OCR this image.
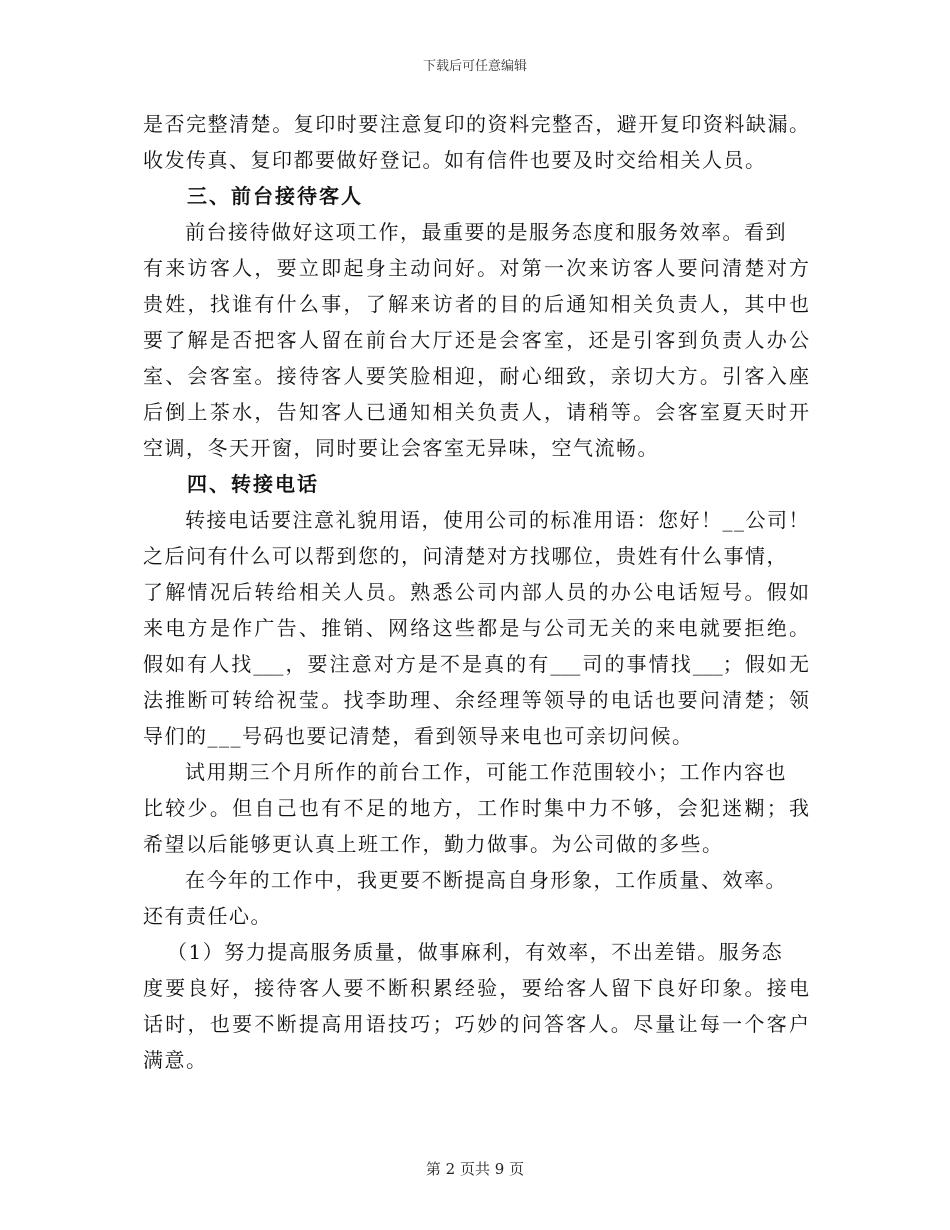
下载后可任意编辑
是否完整清楚。复印时要注意复印的资料完整否，避开复印资料缺漏。
收发传真、复印都要做好登记。如有信件也要及时交给相关人员。
三、前台接待客人
前台接待做好这项工作，最重要的是服务态度和服务效率。看到
有来访客人，要立即起身主动问好。对第一次来访客人要问清楚对方
贵姓，找谁有什么事，了解来访者的目的后通知相关负责人，其中也
要了解是否把客人留在前台大厅还是会客室，还是引客到负责人办公
室、会客室。接待客人要笑脸相迎，耐心细致，亲切大方。引客入座
后倒上茶水，告知客人已通知相关负责人，请稍等。会客室夏天时开
空调，冬天开窗，同时要让会客室无异味，空气流畅。
四、转接电话
转接电话要注意礼貌用语，使用公司的标准用语：您好！__公司！
之后问有什么可以帮到您的，问清楚对方找哪位，贵姓有什么事情，
了解情况后转给相关人员。熟悉公司内部人员的办公电话短号。假如
来电方是作广告、推销、网络这些都是与公司无关的来电就要拒绝。
假如有人找___，要注意对方是不是真的有___司的事情找___；假如无
法推断可转给祝莹。找李助理、余经理等领导的电话也要问清楚；领
导们的___号码也要记清楚，看到领导来电也可亲切问候。
试用期三个月所作的前台工作，可能工作范围较小；工作内容也
比较少。但自己也有不足的地方，工作时集中力不够，会犯迷糊；我
希望以后能够更认真上班工作，勤力做事。为公司做的多些。
在今年的工作中，我更要不断提高自身形象，工作质量、效率。
还有责任心。
（1）努力提高服务质量，做事麻利，有效率，不出差错。服务态
度要良好，接待客人要不断积累经验，要给客人留下良好印象。接电
话时，也要不断提高用语技巧；巧妙的问答客人。尽量让每一个客户
满意。
第 2 页共 9 页
